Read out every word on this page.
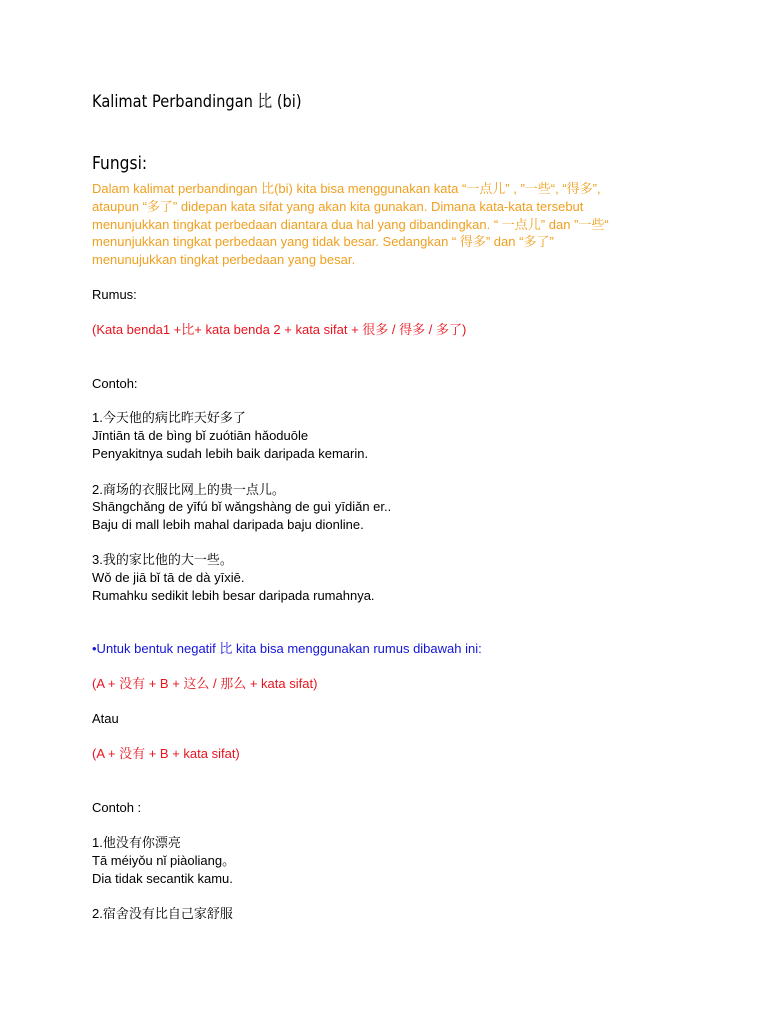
Kalimat Perbandingan 比 (bi)
Fungsi:
Dalam kalimat perbandingan 比(bi) kita bisa menggunakan kata “一点儿” , ”一些“, “得多”,
ataupun “多了” didepan kata sifat yang akan kita gunakan. Dimana kata-kata tersebut
menunjukkan tingkat perbedaan diantara dua hal yang dibandingkan. “ 一点儿” dan ”一些“
menunjukkan tingkat perbedaan yang tidak besar. Sedangkan “ 得多” dan “多了”
menunujukkan tingkat perbedaan yang besar.
Rumus:
(Kata benda1 +比+ kata benda 2 + kata sifat + 很多 / 得多 / 多了)
Contoh:
1.今天他的病比昨天好多了
Jīntiān tā de bìng bǐ zuótiān hǎoduōle
Penyakitnya sudah lebih baik daripada kemarin.
2.商场的衣服比网上的贵一点儿。
Shāngchǎng de yīfú bǐ wǎngshàng de guì yīdiǎn er..
Baju di mall lebih mahal daripada baju dionline.
3.我的家比他的大一些。
Wǒ de jiā bǐ tā de dà yīxiē.
Rumahku sedikit lebih besar daripada rumahnya.
•Untuk bentuk negatif 比 kita bisa menggunakan rumus dibawah ini:
(A + 没有 + B + 这么 / 那么 + kata sifat)
Atau
(A + 没有 + B + kata sifat)
Contoh :
1.他没有你漂亮
Tā méiyǒu nǐ piàoliang。
Dia tidak secantik kamu.
2.宿舍没有比自己家舒服
